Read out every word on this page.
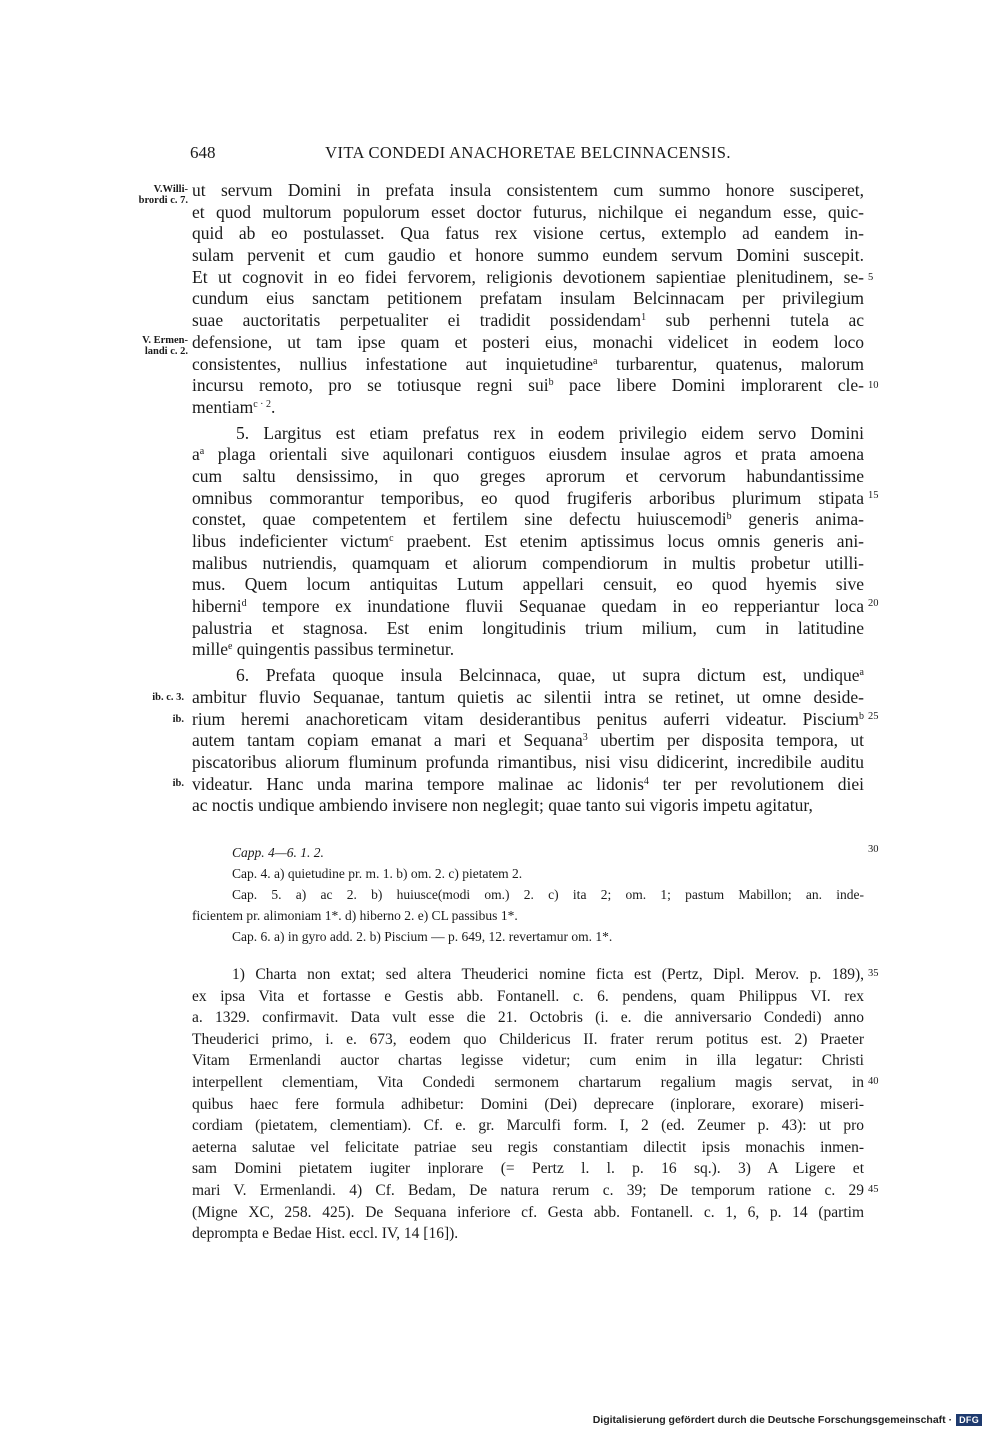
648	VITA CONDEDI ANACHORETAE BELCINNACENSIS.
V.Willi-
brordi c. 7.
V. Ermen-
landi c. 2.
ib. c. 3.
ib.
ib.
5
10
15
20
25
30
35
40
45
ut servum Domini in prefata insula consistentem cum summo honore susciperet,
et quod multorum populorum esset doctor futurus, nichilque ei negandum esse, quic-
quid ab eo postulasset. Qua fatus rex visione certus, extemplo ad eandem in-
sulam pervenit et cum gaudio et honore summo eundem servum Domini suscepit.
Et ut cognovit in eo fidei fervorem, religionis devotionem sapientiae plenitudinem, se-
cundum eius sanctam petitionem prefatam insulam Belcinnacam per privilegium
suae auctoritatis perpetualiter ei tradidit possidendam$^1$ sub perhenni tutela ac
defensione, ut tam ipse quam et posteri eius, monachi videlicet in eodem loco
consistentes, nullius infestatione aut inquietudine$^a$ turbarentur, quatenus, malorum
incursu remoto, pro se totiusque regni sui$^b$ pace libere Domini implorarent cle-
mentiam$^{c \cdot 2}$.
5. Largitus est etiam prefatus rex in eodem privilegio eidem servo Domini
$a^a$ plaga orientali sive aquilonari contiguos eiusdem insulae agros et prata amoena
cum saltu densissimo, in quo greges aprorum et cervorum habundantissime
omnibus commorantur temporibus, eo quod frugiferis arboribus plurimum stipata
constet, quae competentem et fertilem sine defectu huiuscemodi$^b$ generis anima-
libus indeficienter victum$^c$ praebent. Est etenim aptissimus locus omnis generis ani-
malibus nutriendis, quamquam et aliorum compendiorum in multis probetur utilli-
mus. Quem locum antiquitas Lutum appellari censuit, eo quod hyemis sive
hiberni$^d$ tempore ex inundatione fluvii Sequanae quedam in eo repperiantur loca
palustria et stagnosa. Est enim longitudinis trium milium, cum in latitudine
mille$^e$ quingentis passibus terminetur.
6. Prefata quoque insula Belcinnaca, quae, ut supra dictum est, undique$^a$
ambitur fluvio Sequanae, tantum quietis ac silentii intra se retinet, ut omne deside-
rium heremi anachoreticam vitam desiderantibus penitus auferri videatur. Piscium$^b$
autem tantam copiam emanat a mari et Sequana$^3$ ubertim per disposita tempora, ut
piscatoribus aliorum fluminum profunda rimantibus, nisi visu didicerint, incredibile auditu
videatur. Hanc unda marina tempore malinae ac lidonis$^4$ ter per revolutionem diei
ac noctis undique ambiendo invisere non neglegit; quae tanto sui vigoris impetu agitatur,
Capp. 4—6. 1. 2.
Cap. 4. a) quietudine pr. m. 1. b) om. 2. c) pietatem 2.
Cap. 5. a) ac 2. b) huiusce(modi om.) 2. c) ita 2; om. 1; pastum Mabillon; an. inde-
ficientem pr. alimoniam 1*. d) hiberno 2. e) CL passibus 1*.
Cap. 6. a) in gyro add. 2. b) Piscium — p. 649, 12. revertamur om. 1*.
1) Charta non extat; sed altera Theuderici nomine ficta est (Pertz, Dipl. Merov. p. 189),
ex ipsa Vita et fortasse e Gestis abb. Fontanell. c. 6. pendens, quam Philippus VI. rex
a. 1329. confirmavit. Data vult esse die 21. Octobris (i. e. die anniversario Condedi) anno
Theuderici primo, i. e. 673, eodem quo Childericus II. frater rerum potitus est. 2) Praeter
Vitam Ermenlandi auctor chartas legisse videtur; cum enim in illa legatur: Christi
interpellent clementiam, Vita Condedi sermonem chartarum regalium magis servat, in
quibus haec fere formula adhibetur: Domini (Dei) deprecare (inplorare, exorare) miseri-
cordiam (pietatem, clementiam). Cf. e. gr. Marculfi form. I, 2 (ed. Zeumer p. 43): ut pro
aeterna salutae vel felicitate patriae seu regis constantiam dilectit ipsis monachis inmen-
sam Domini pietatem iugiter inplorare (= Pertz l. l. p. 16 sq.). 3) A Ligere et
mari V. Ermenlandi. 4) Cf. Bedam, De natura rerum c. 39; De temporum ratione c. 29
(Migne XC, 258. 425). De Sequana inferiore cf. Gesta abb. Fontanell. c. 1, 6, p. 14 (partim
deprompta e Bedae Hist. eccl. IV, 14 [16]).
Digitalisierung gefördert durch die Deutsche Forschungsgemeinschaft · DFG
